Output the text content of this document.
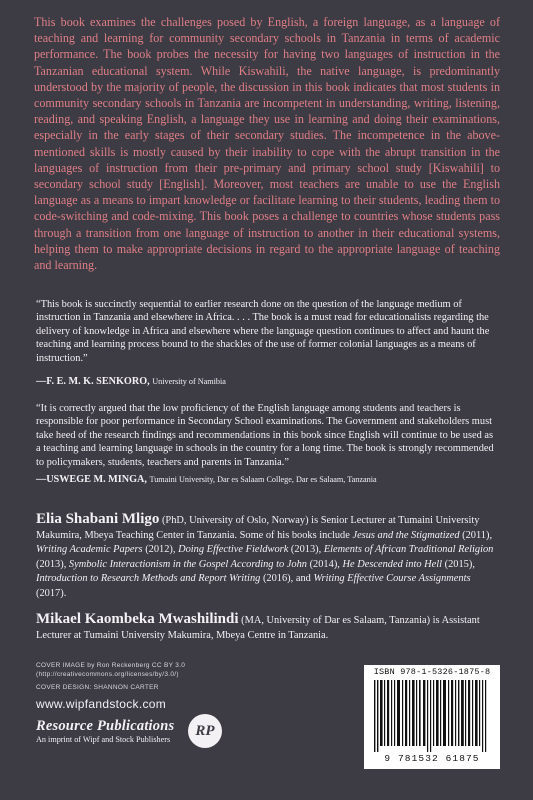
This book examines the challenges posed by English, a foreign language, as a language of teaching and learning for community secondary schools in Tanzania in terms of academic performance. The book probes the necessity for having two languages of instruction in the Tanzanian educational system. While Kiswahili, the native language, is predominantly understood by the majority of people, the discussion in this book indicates that most students in community secondary schools in Tanzania are incompetent in understanding, writing, listening, reading, and speaking English, a language they use in learning and doing their examinations, especially in the early stages of their secondary studies. The incompetence in the above-mentioned skills is mostly caused by their inability to cope with the abrupt transition in the languages of instruction from their pre-primary and primary school study [Kiswahili] to secondary school study [English]. Moreover, most teachers are unable to use the English language as a means to impart knowledge or facilitate learning to their students, leading them to code-switching and code-mixing. This book poses a challenge to countries whose students pass through a transition from one language of instruction to another in their educational systems, helping them to make appropriate decisions in regard to the appropriate language of teaching and learning.

“This book is succinctly sequential to earlier research done on the question of the language medium of instruction in Tanzania and elsewhere in Africa. . . . The book is a must read for educationalists regarding the delivery of knowledge in Africa and elsewhere where the language question continues to affect and haunt the teaching and learning process bound to the shackles of the use of former colonial languages as a means of instruction.”

—F. E. M. K. SENKORO, University of Namibia

“It is correctly argued that the low proficiency of the English language among students and teachers is responsible for poor performance in Secondary School examinations. The Government and stakeholders must take heed of the research findings and recommendations in this book since English will continue to be used as a teaching and learning language in schools in the country for a long time. The book is strongly recommended to policymakers, students, teachers and parents in Tanzania.”

—USWEGE M. MINGA, Tumaini University, Dar es Salaam College, Dar es Salaam, Tanzania

Elia Shabani Mligo (PhD, University of Oslo, Norway) is Senior Lecturer at Tumaini University Makumira, Mbeya Teaching Center in Tanzania. Some of his books include Jesus and the Stigmatized (2011), Writing Academic Papers (2012), Doing Effective Fieldwork (2013), Elements of African Traditional Religion (2013), Symbolic Interactionism in the Gospel According to John (2014), He Descended into Hell (2015), Introduction to Research Methods and Report Writing (2016), and Writing Effective Course Assignments (2017).

Mikael Kaombeka Mwashilindi (MA, University of Dar es Salaam, Tanzania) is Assistant Lecturer at Tumaini University Makumira, Mbeya Centre in Tanzania.

COVER IMAGE by Ron Reckenberg CC BY 3.0
(http://creativecommons.org/licenses/by/3.0/)
COVER DESIGN: SHANNON CARTER
www.wipfandstock.com
Resource Publications
An imprint of Wipf and Stock Publishers
RP
ISBN 978-1-5326-1875-8
9 781532 61875
